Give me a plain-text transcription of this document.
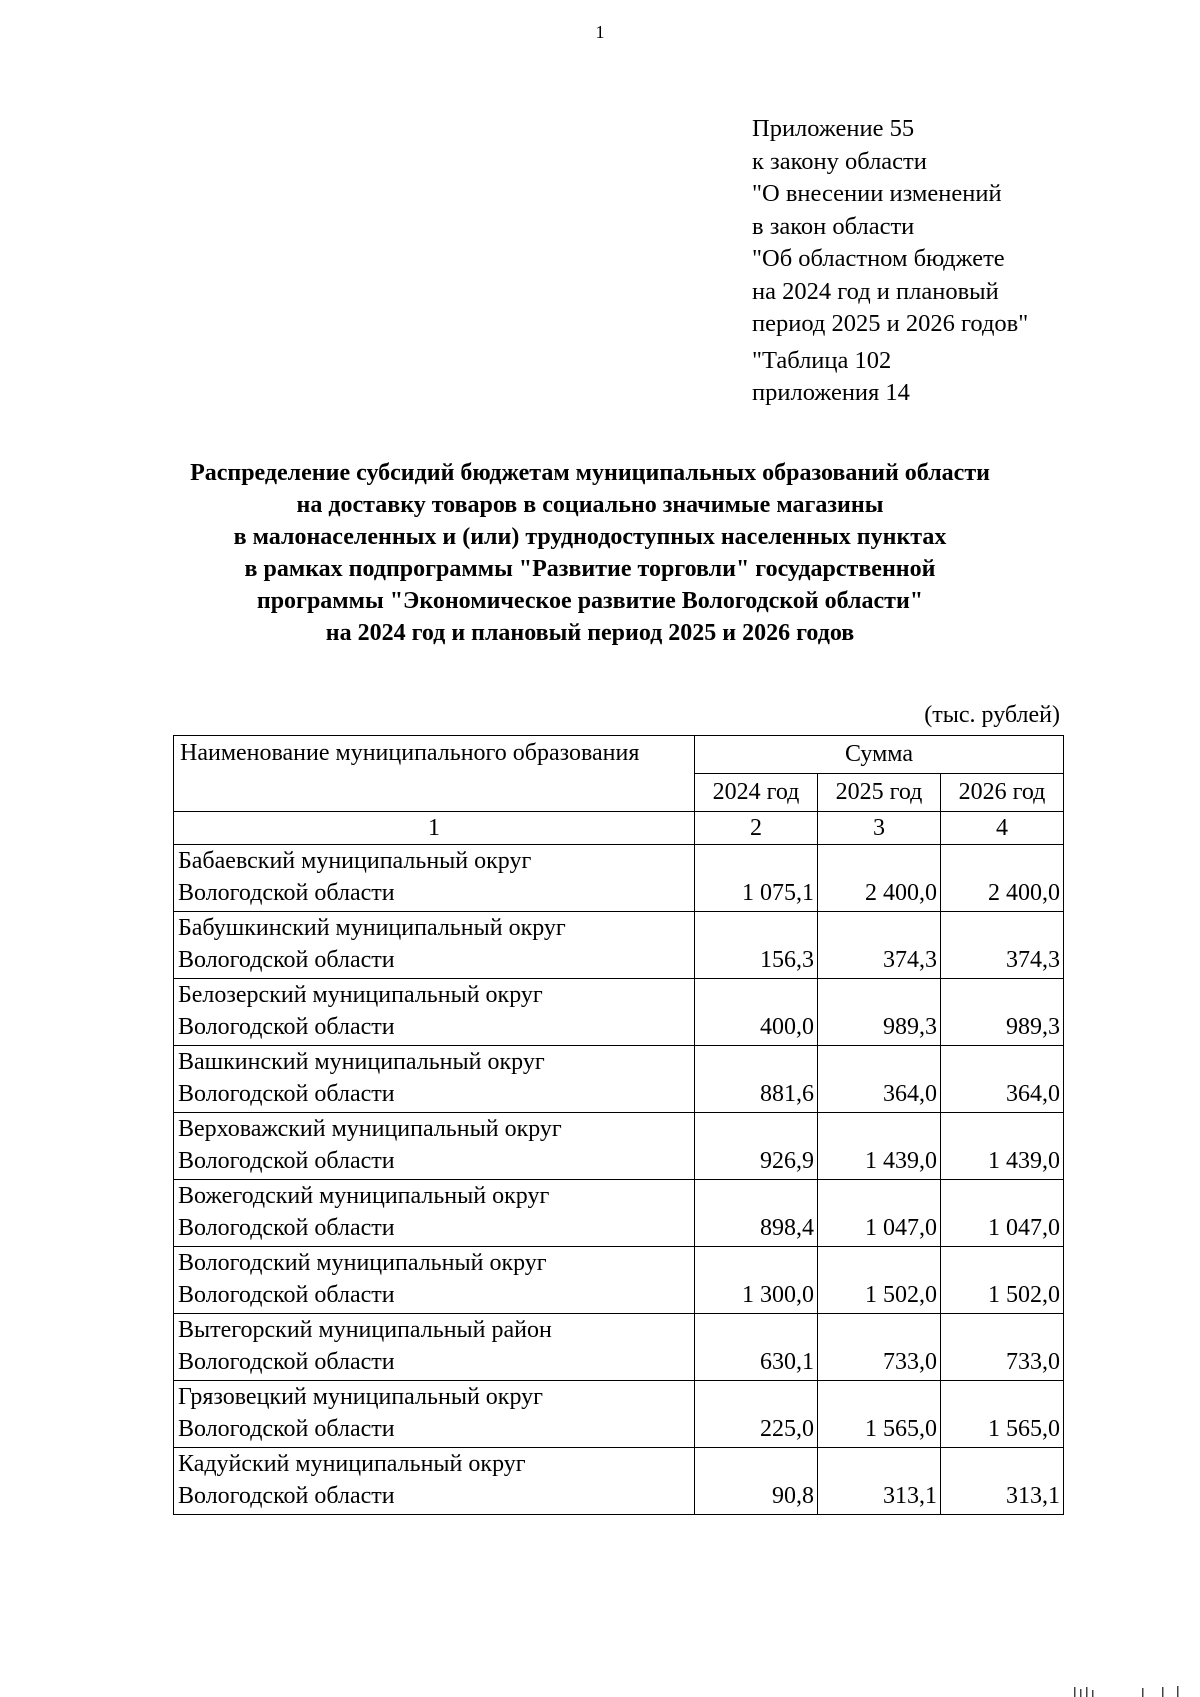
1
Приложение 55
к закону области
"О внесении изменений
в закон области
"Об областном бюджете
на 2024 год и плановый
период 2025 и 2026 годов"
"Таблица 102
приложения 14
Распределение субсидий бюджетам муниципальных образований области
на доставку товаров в социально значимые магазины
в малонаселенных и (или) труднодоступных населенных пунктах
в рамках подпрограммы "Развитие торговли" государственной
программы "Экономическое развитие Вологодской области"
на 2024 год и плановый период 2025 и 2026 годов
(тыс. рублей)
Наименование муниципального образования	Сумма		
	2024 год	2025 год	2026 год
1	2	3	4

Бабаевский муниципальный округ
Вологодской области	1 075,1	2 400,0	2 400,0

Бабушкинский муниципальный округ
Вологодской области	156,3	374,3	374,3

Белозерский муниципальный округ
Вологодской области	400,0	989,3	989,3

Вашкинский муниципальный округ
Вологодской области	881,6	364,0	364,0

Верховажский муниципальный округ
Вологодской области	926,9	1 439,0	1 439,0

Вожегодский муниципальный округ
Вологодской области	898,4	1 047,0	1 047,0

Вологодский муниципальный округ
Вологодской области	1 300,0	1 502,0	1 502,0

Вытегорский муниципальный район
Вологодской области	630,1	733,0	733,0

Грязовецкий муниципальный округ
Вологодской области	225,0	1 565,0	1 565,0

Кадуйский муниципальный округ
Вологодской области	90,8	313,1	313,1
